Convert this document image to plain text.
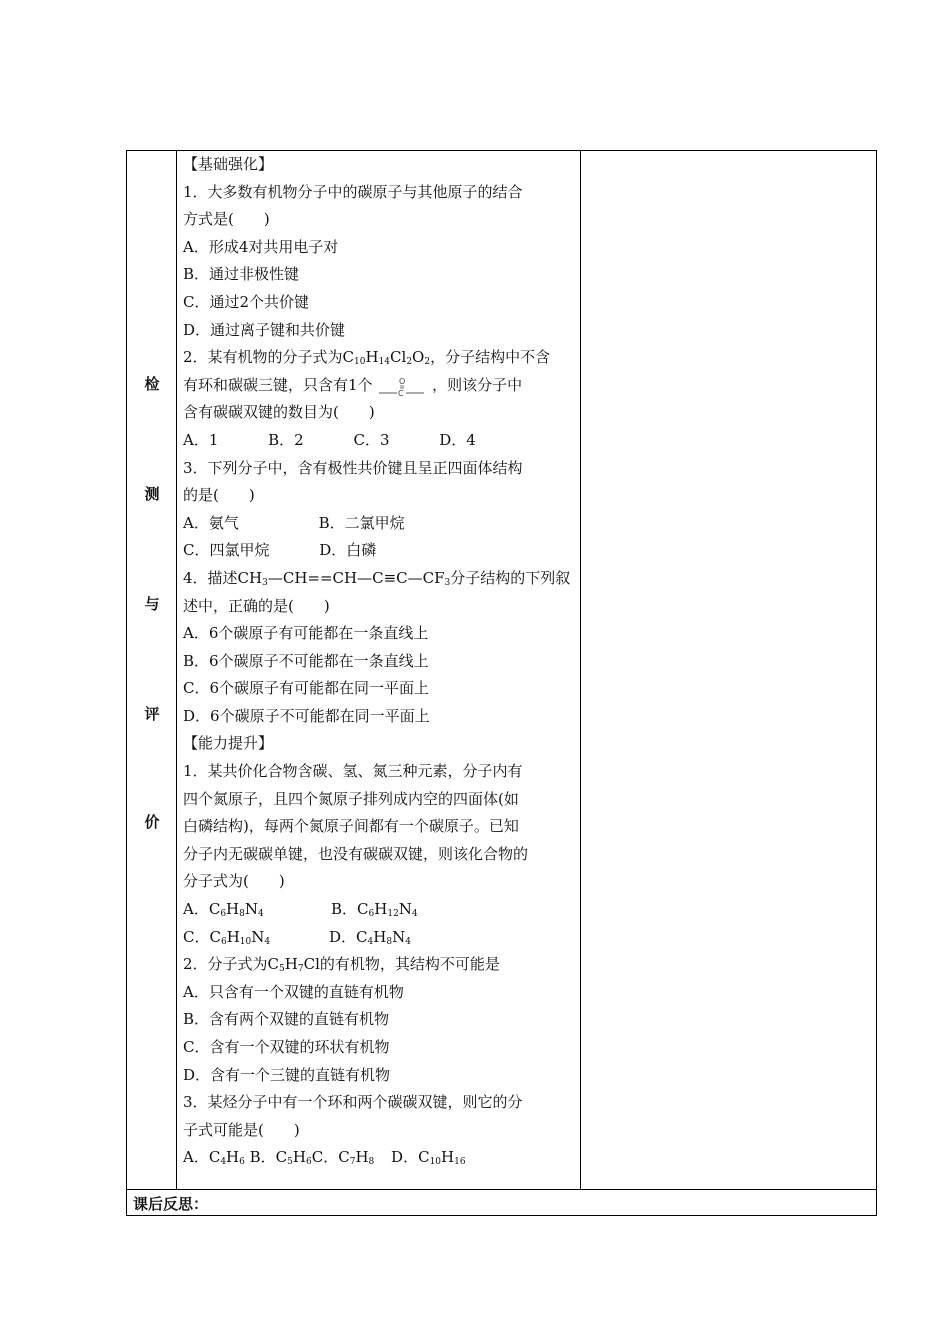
检
测
与
评
价
【基础强化】
1．大多数有机物分子中的碳原子与其他原子的结合
方式是(　　)
A．形成4对共用电子对
B．通过非极性键
C．通过2个共价键
D．通过离子键和共价键
2．某有机物的分子式为$C_{10}H_{14}Cl_2O_2$，分子结构中不含
有环和碳碳三键，只含有1个	O
C ，则该分子中
含有碳碳双键的数目为(　　)
A．1　　　 B．2　　　 C．3　　　 D．4
3．下列分子中，含有极性共价键且呈正四面体结构
的是(　　)
A．氨气　　　　　 B．二氯甲烷
C．四氯甲烷　　　 D．白磷
4．描述$CH_3—CH==CH—C\equiv C—CF_3$分子结构的下列叙
述中，正确的是(　　)
A．6个碳原子有可能都在一条直线上
B．6个碳原子不可能都在一条直线上
C．6个碳原子有可能都在同一平面上
D．6个碳原子不可能都在同一平面上
【能力提升】
1．某共价化合物含碳、氢、氮三种元素，分子内有
四个氮原子，且四个氮原子排列成内空的四面体(如
白磷结构)，每两个氮原子间都有一个碳原子。已知
分子内无碳碳单键，也没有碳碳双键，则该化合物的
分子式为(　　)
A．$C_6H_8N_4$	B．$C_6H_{12}N_4$
C．$C_6H_{10}N_4$	D．$C_4H_8N_4$
2．分子式为$C_5H_7Cl$的有机物，其结构不可能是
A．只含有一个双键的直链有机物
B．含有两个双键的直链有机物
C．含有一个双键的环状有机物
D．含有一个三键的直链有机物
3．某烃分子中有一个环和两个碳碳双键，则它的分
子式可能是(　　)
A．$C_4H_6$ B．$C_5H_6C$．$C_7H_8$ D．$C_{10}H_{16}$
课后反思：
